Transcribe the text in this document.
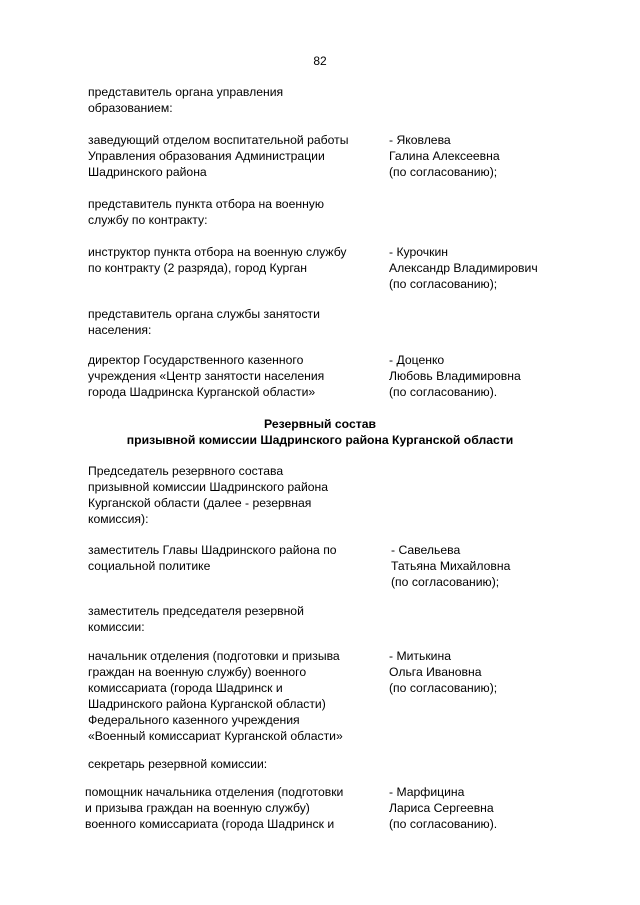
82
представитель органа управления
образованием:
заведующий отделом воспитательной работы
Управления образования Администрации
Шадринского района
- Яковлева
Галина Алексеевна
(по согласованию);
представитель пункта отбора на военную
службу по контракту:
инструктор пункта отбора на военную службу
по контракту (2 разряда), город Курган
- Курочкин
Александр Владимирович
(по согласованию);
представитель органа службы занятости
населения:
директор Государственного казенного
учреждения «Центр занятости населения
города Шадринска Курганской области»
- Доценко
Любовь Владимировна
(по согласованию).
Резервный состав
призывной комиссии Шадринского района Курганской области
Председатель резервного состава
призывной комиссии Шадринского района
Курганской области (далее - резервная
комиссия):
заместитель Главы Шадринского района по
социальной политике
- Савельева
Татьяна Михайловна
(по согласованию);
заместитель председателя резервной
комиссии:
начальник отделения (подготовки и призыва
граждан на военную службу) военного
комиссариата (города Шадринск и
Шадринского района Курганской области)
Федерального казенного учреждения
«Военный комиссариат Курганской области»
- Митькина
Ольга Ивановна
(по согласованию);
секретарь резервной комиссии:
помощник начальника отделения (подготовки
и призыва граждан на военную службу)
военного комиссариата (города Шадринск и
- Марфицина
Лариса Сергеевна
(по согласованию).
